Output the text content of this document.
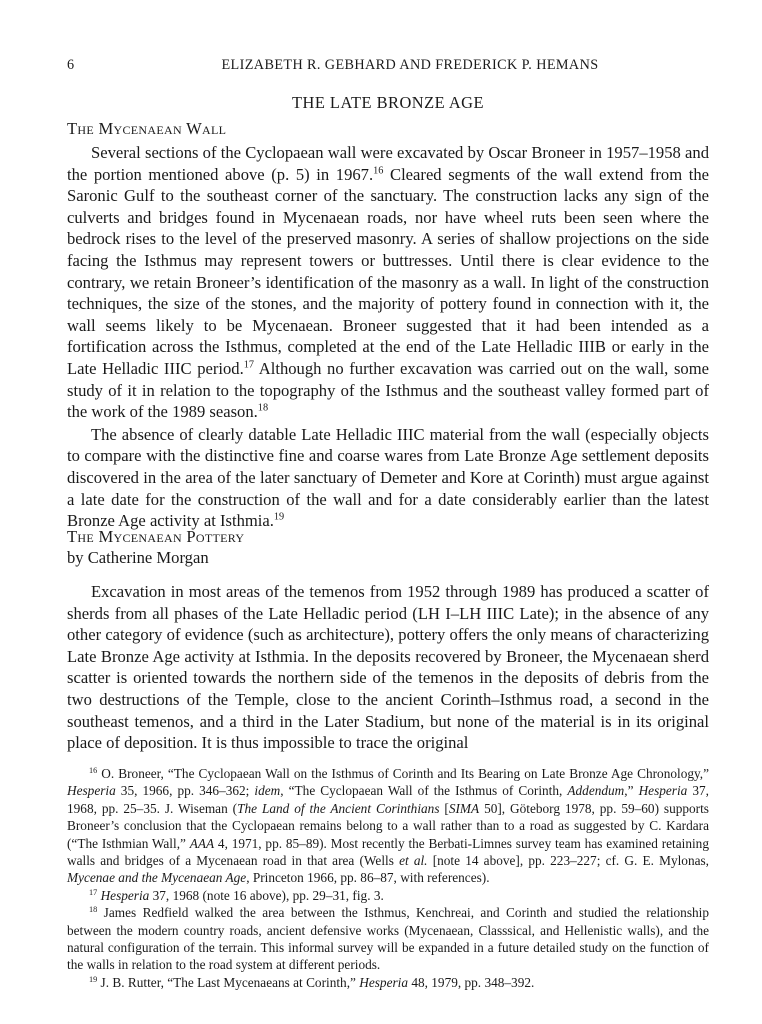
6	ELIZABETH R. GEBHARD AND FREDERICK P. HEMANS
THE LATE BRONZE AGE
The Mycenaean Wall

Several sections of the Cyclopaean wall were excavated by Oscar Broneer in 1957–1958 and the portion mentioned above (p. 5) in 1967.16 Cleared segments of the wall extend from the Saronic Gulf to the southeast corner of the sanctuary. The construction lacks any sign of the culverts and bridges found in Mycenaean roads, nor have wheel ruts been seen where the bedrock rises to the level of the preserved masonry. A series of shallow projections on the side facing the Isthmus may represent towers or buttresses. Until there is clear evidence to the contrary, we retain Broneer’s identification of the masonry as a wall. In light of the construction techniques, the size of the stones, and the majority of pottery found in connection with it, the wall seems likely to be Mycenaean. Broneer suggested that it had been intended as a fortification across the Isthmus, completed at the end of the Late Helladic IIIB or early in the Late Helladic IIIC period.$^{17}$ Although no further excavation was carried out on the wall, some study of it in relation to the topography of the Isthmus and the southeast valley formed part of the work of the 1989 season.$^{18}$

The absence of clearly datable Late Helladic IIIC material from the wall (especially objects to compare with the distinctive fine and coarse wares from Late Bronze Age settlement deposits discovered in the area of the later sanctuary of Demeter and Kore at Corinth) must argue against a late date for the construction of the wall and for a date considerably earlier than the latest Bronze Age activity at Isthmia.$^{19}$

The Mycenaean Pottery
by Catherine Morgan

Excavation in most areas of the temenos from 1952 through 1989 has produced a scatter of sherds from all phases of the Late Helladic period (LH I–LH IIIC Late); in the absence of any other category of evidence (such as architecture), pottery offers the only means of characterizing Late Bronze Age activity at Isthmia. In the deposits recovered by Broneer, the Mycenaean sherd scatter is oriented towards the northern side of the temenos in the deposits of debris from the two destructions of the Temple, close to the ancient Corinth–Isthmus road, a second in the southeast temenos, and a third in the Later Stadium, but none of the material is in its original place of deposition. It is thus impossible to trace the original

$^{16}$ O. Broneer, “The Cyclopaean Wall on the Isthmus of Corinth and Its Bearing on Late Bronze Age Chronology,” Hesperia 35, 1966, pp. 346–362; idem, “The Cyclopaean Wall of the Isthmus of Corinth, Addendum,” Hesperia 37, 1968, pp. 25–35. J. Wiseman (The Land of the Ancient Corinthians [SIMA 50], Göteborg 1978, pp. 59–60) supports Broneer’s conclusion that the Cyclopaean remains belong to a wall rather than to a road as suggested by C. Kardara (“The Isthmian Wall,” AAA 4, 1971, pp. 85–89). Most recently the Berbati-Limnes survey team has examined retaining walls and bridges of a Mycenaean road in that area (Wells et al. [note 14 above], pp. 223–227; cf. G. E. Mylonas, Mycenae and the Mycenaean Age, Princeton 1966, pp. 86–87, with references).

$^{17}$ Hesperia 37, 1968 (note 16 above), pp. 29–31, fig. 3.

$^{18}$ James Redfield walked the area between the Isthmus, Kenchreai, and Corinth and studied the relationship between the modern country roads, ancient defensive works (Mycenaean, Classsical, and Hellenistic walls), and the natural configuration of the terrain. This informal survey will be expanded in a future detailed study on the function of the walls in relation to the road system at different periods.

$^{19}$ J. B. Rutter, “The Last Mycenaeans at Corinth,” Hesperia 48, 1979, pp. 348–392.
